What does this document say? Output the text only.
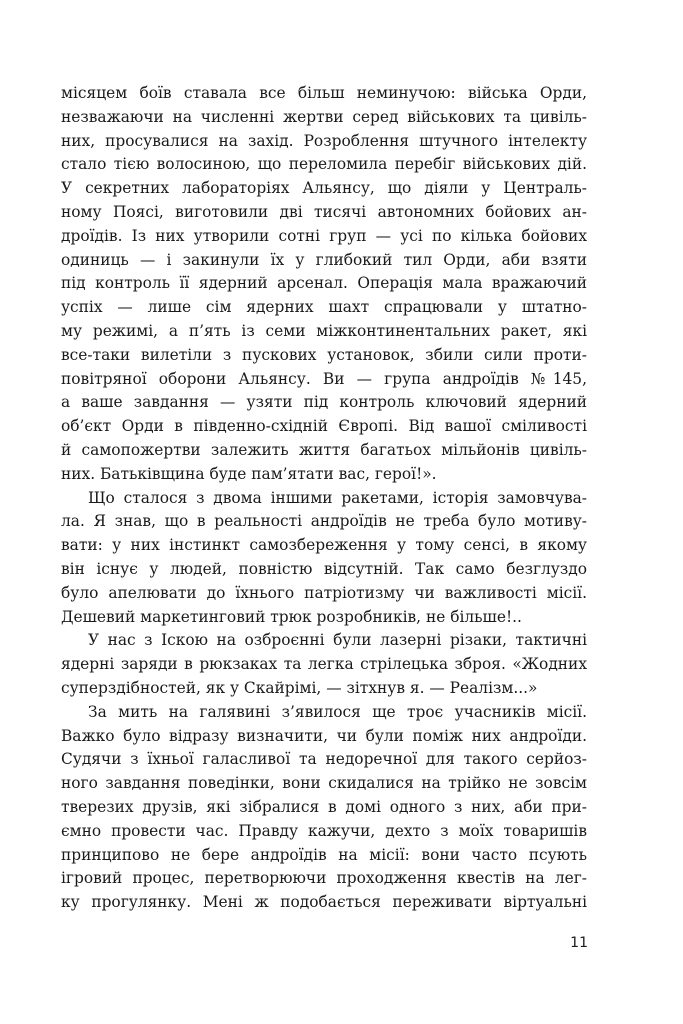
місяцем боїв ставала все більш неминучою: війська Орди,
незважаючи на численні жертви серед військових та цивіль-
них, просувалися на захід. Розроблення штучного інтелекту
стало тією волосиною, що переломила перебіг військових дій.
У секретних лабораторіях Альянсу, що діяли у Централь-
ному Поясі, виготовили дві тисячі автономних бойових ан-
дроїдів. Із них утворили сотні груп — усі по кілька бойових
одиниць — і закинули їх у глибокий тил Орди, аби взяти
під контроль її ядерний арсенал. Операція мала вражаючий
успіх — лише сім ядерних шахт спрацювали у штатно-
му режимі, а п’ять із семи міжконтинентальних ракет, які
все-таки вилетіли з пускових установок, збили сили проти-
повітряної оборони Альянсу. Ви — група андроїдів №145,
а ваше завдання — узяти під контроль ключовий ядерний
об’єкт Орди в південно-східній Європі. Від вашої сміливості
й самопожертви залежить життя багатьох мільйонів цивіль-
них. Батьківщина буде пам’ятати вас, герої!».
Що сталося з двома іншими ракетами, історія замовчува-
ла. Я знав, що в реальності андроїдів не треба було мотиву-
вати: у них інстинкт самозбереження у тому сенсі, в якому
він існує у людей, повністю відсутній. Так само безглуздо
було апелювати до їхнього патріотизму чи важливості місії.
Дешевий маркетинговий трюк розробників, не більше!..
У нас з Іскою на озброєнні були лазерні різаки, тактичні
ядерні заряди в рюкзаках та легка стрілецька зброя. «Жодних
суперздібностей, як у Скайрімі, — зітхнув я. — Реалізм...»
За мить на галявині з’явилося ще троє учасників місії.
Важко було відразу визначити, чи були поміж них андроїди.
Судячи з їхньої галасливої та недоречної для такого серйоз-
ного завдання поведінки, вони скидалися на трійко не зовсім
тверезих друзів, які зібралися в домі одного з них, аби при-
ємно провести час. Правду кажучи, дехто з моїх товаришів
принципово не бере андроїдів на місії: вони часто псують
ігровий процес, перетворюючи проходження квестів на лег-
ку прогулянку. Мені ж подобається переживати віртуальні
11
